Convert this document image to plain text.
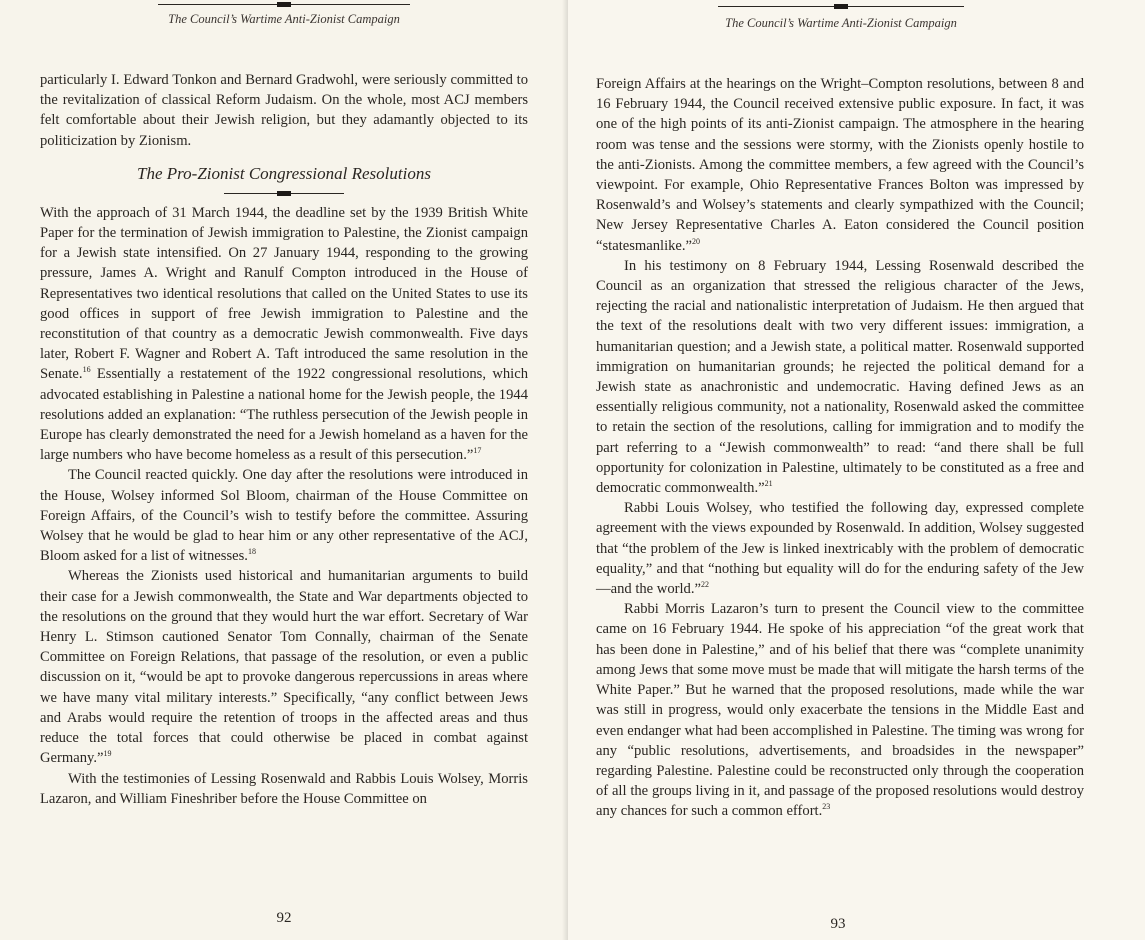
The Council’s Wartime Anti-Zionist Campaign

particularly I. Edward Tonkon and Bernard Gradwohl, were seriously committed to the revitalization of classical Reform Judaism. On the whole, most ACJ members felt comfortable about their Jewish religion, but they adamantly objected to its politicization by Zionism.

The Pro-Zionist Congressional Resolutions

With the approach of 31 March 1944, the deadline set by the 1939 British White Paper for the termination of Jewish immigration to Palestine, the Zionist campaign for a Jewish state intensified. On 27 January 1944, responding to the growing pressure, James A. Wright and Ranulf Compton introduced in the House of Representatives two identical resolutions that called on the United States to use its good offices in support of free Jewish immigration to Palestine and the reconstitution of that country as a democratic Jewish commonwealth. Five days later, Robert F. Wagner and Robert A. Taft introduced the same resolution in the Senate.$^{16}$ Essentially a restatement of the 1922 congressional resolutions, which advocated establishing in Palestine a national home for the Jewish people, the 1944 resolutions added an explanation: “The ruthless persecution of the Jewish people in Europe has clearly demonstrated the need for a Jewish homeland as a haven for the large numbers who have become homeless as a result of this persecution.”$^{17}$

The Council reacted quickly. One day after the resolutions were introduced in the House, Wolsey informed Sol Bloom, chairman of the House Committee on Foreign Affairs, of the Council’s wish to testify before the committee. Assuring Wolsey that he would be glad to hear him or any other representative of the ACJ, Bloom asked for a list of witnesses.$^{18}$

Whereas the Zionists used historical and humanitarian arguments to build their case for a Jewish commonwealth, the State and War departments objected to the resolutions on the ground that they would hurt the war effort. Secretary of War Henry L. Stimson cautioned Senator Tom Connally, chairman of the Senate Committee on Foreign Relations, that passage of the resolution, or even a public discussion on it, “would be apt to provoke dangerous repercussions in areas where we have many vital military interests.” Specifically, “any conflict between Jews and Arabs would require the retention of troops in the affected areas and thus reduce the total forces that could otherwise be placed in combat against Germany.”$^{19}$

With the testimonies of Lessing Rosenwald and Rabbis Louis Wolsey, Morris Lazaron, and William Fineshriber before the House Committee on

92
The Council’s Wartime Anti-Zionist Campaign

Foreign Affairs at the hearings on the Wright–Compton resolutions, between 8 and 16 February 1944, the Council received extensive public exposure. In fact, it was one of the high points of its anti-Zionist campaign. The atmosphere in the hearing room was tense and the sessions were stormy, with the Zionists openly hostile to the anti-Zionists. Among the committee members, a few agreed with the Council’s viewpoint. For example, Ohio Representative Frances Bolton was impressed by Rosenwald’s and Wolsey’s statements and clearly sympathized with the Council; New Jersey Representative Charles A. Eaton considered the Council position “statesmanlike.”$^{20}$

In his testimony on 8 February 1944, Lessing Rosenwald described the Council as an organization that stressed the religious character of the Jews, rejecting the racial and nationalistic interpretation of Judaism. He then argued that the text of the resolutions dealt with two very different issues: immigration, a humanitarian question; and a Jewish state, a political matter. Rosenwald supported immigration on humanitarian grounds; he rejected the political demand for a Jewish state as anachronistic and undemocratic. Having defined Jews as an essentially religious community, not a nationality, Rosenwald asked the committee to retain the section of the resolutions, calling for immigration and to modify the part referring to a “Jewish commonwealth” to read: “and there shall be full opportunity for colonization in Palestine, ultimately to be constituted as a free and democratic commonwealth.”$^{21}$

Rabbi Louis Wolsey, who testified the following day, expressed complete agreement with the views expounded by Rosenwald. In addition, Wolsey suggested that “the problem of the Jew is linked inextricably with the problem of democratic equality,” and that “nothing but equality will do for the enduring safety of the Jew—and the world.”$^{22}$

Rabbi Morris Lazaron’s turn to present the Council view to the committee came on 16 February 1944. He spoke of his appreciation “of the great work that has been done in Palestine,” and of his belief that there was “complete unanimity among Jews that some move must be made that will mitigate the harsh terms of the White Paper.” But he warned that the proposed resolutions, made while the war was still in progress, would only exacerbate the tensions in the Middle East and even endanger what had been accomplished in Palestine. The timing was wrong for any “public resolutions, advertisements, and broadsides in the newspaper” regarding Palestine. Palestine could be reconstructed only through the cooperation of all the groups living in it, and passage of the proposed resolutions would destroy any chances for such a common effort.$^{23}$

93
